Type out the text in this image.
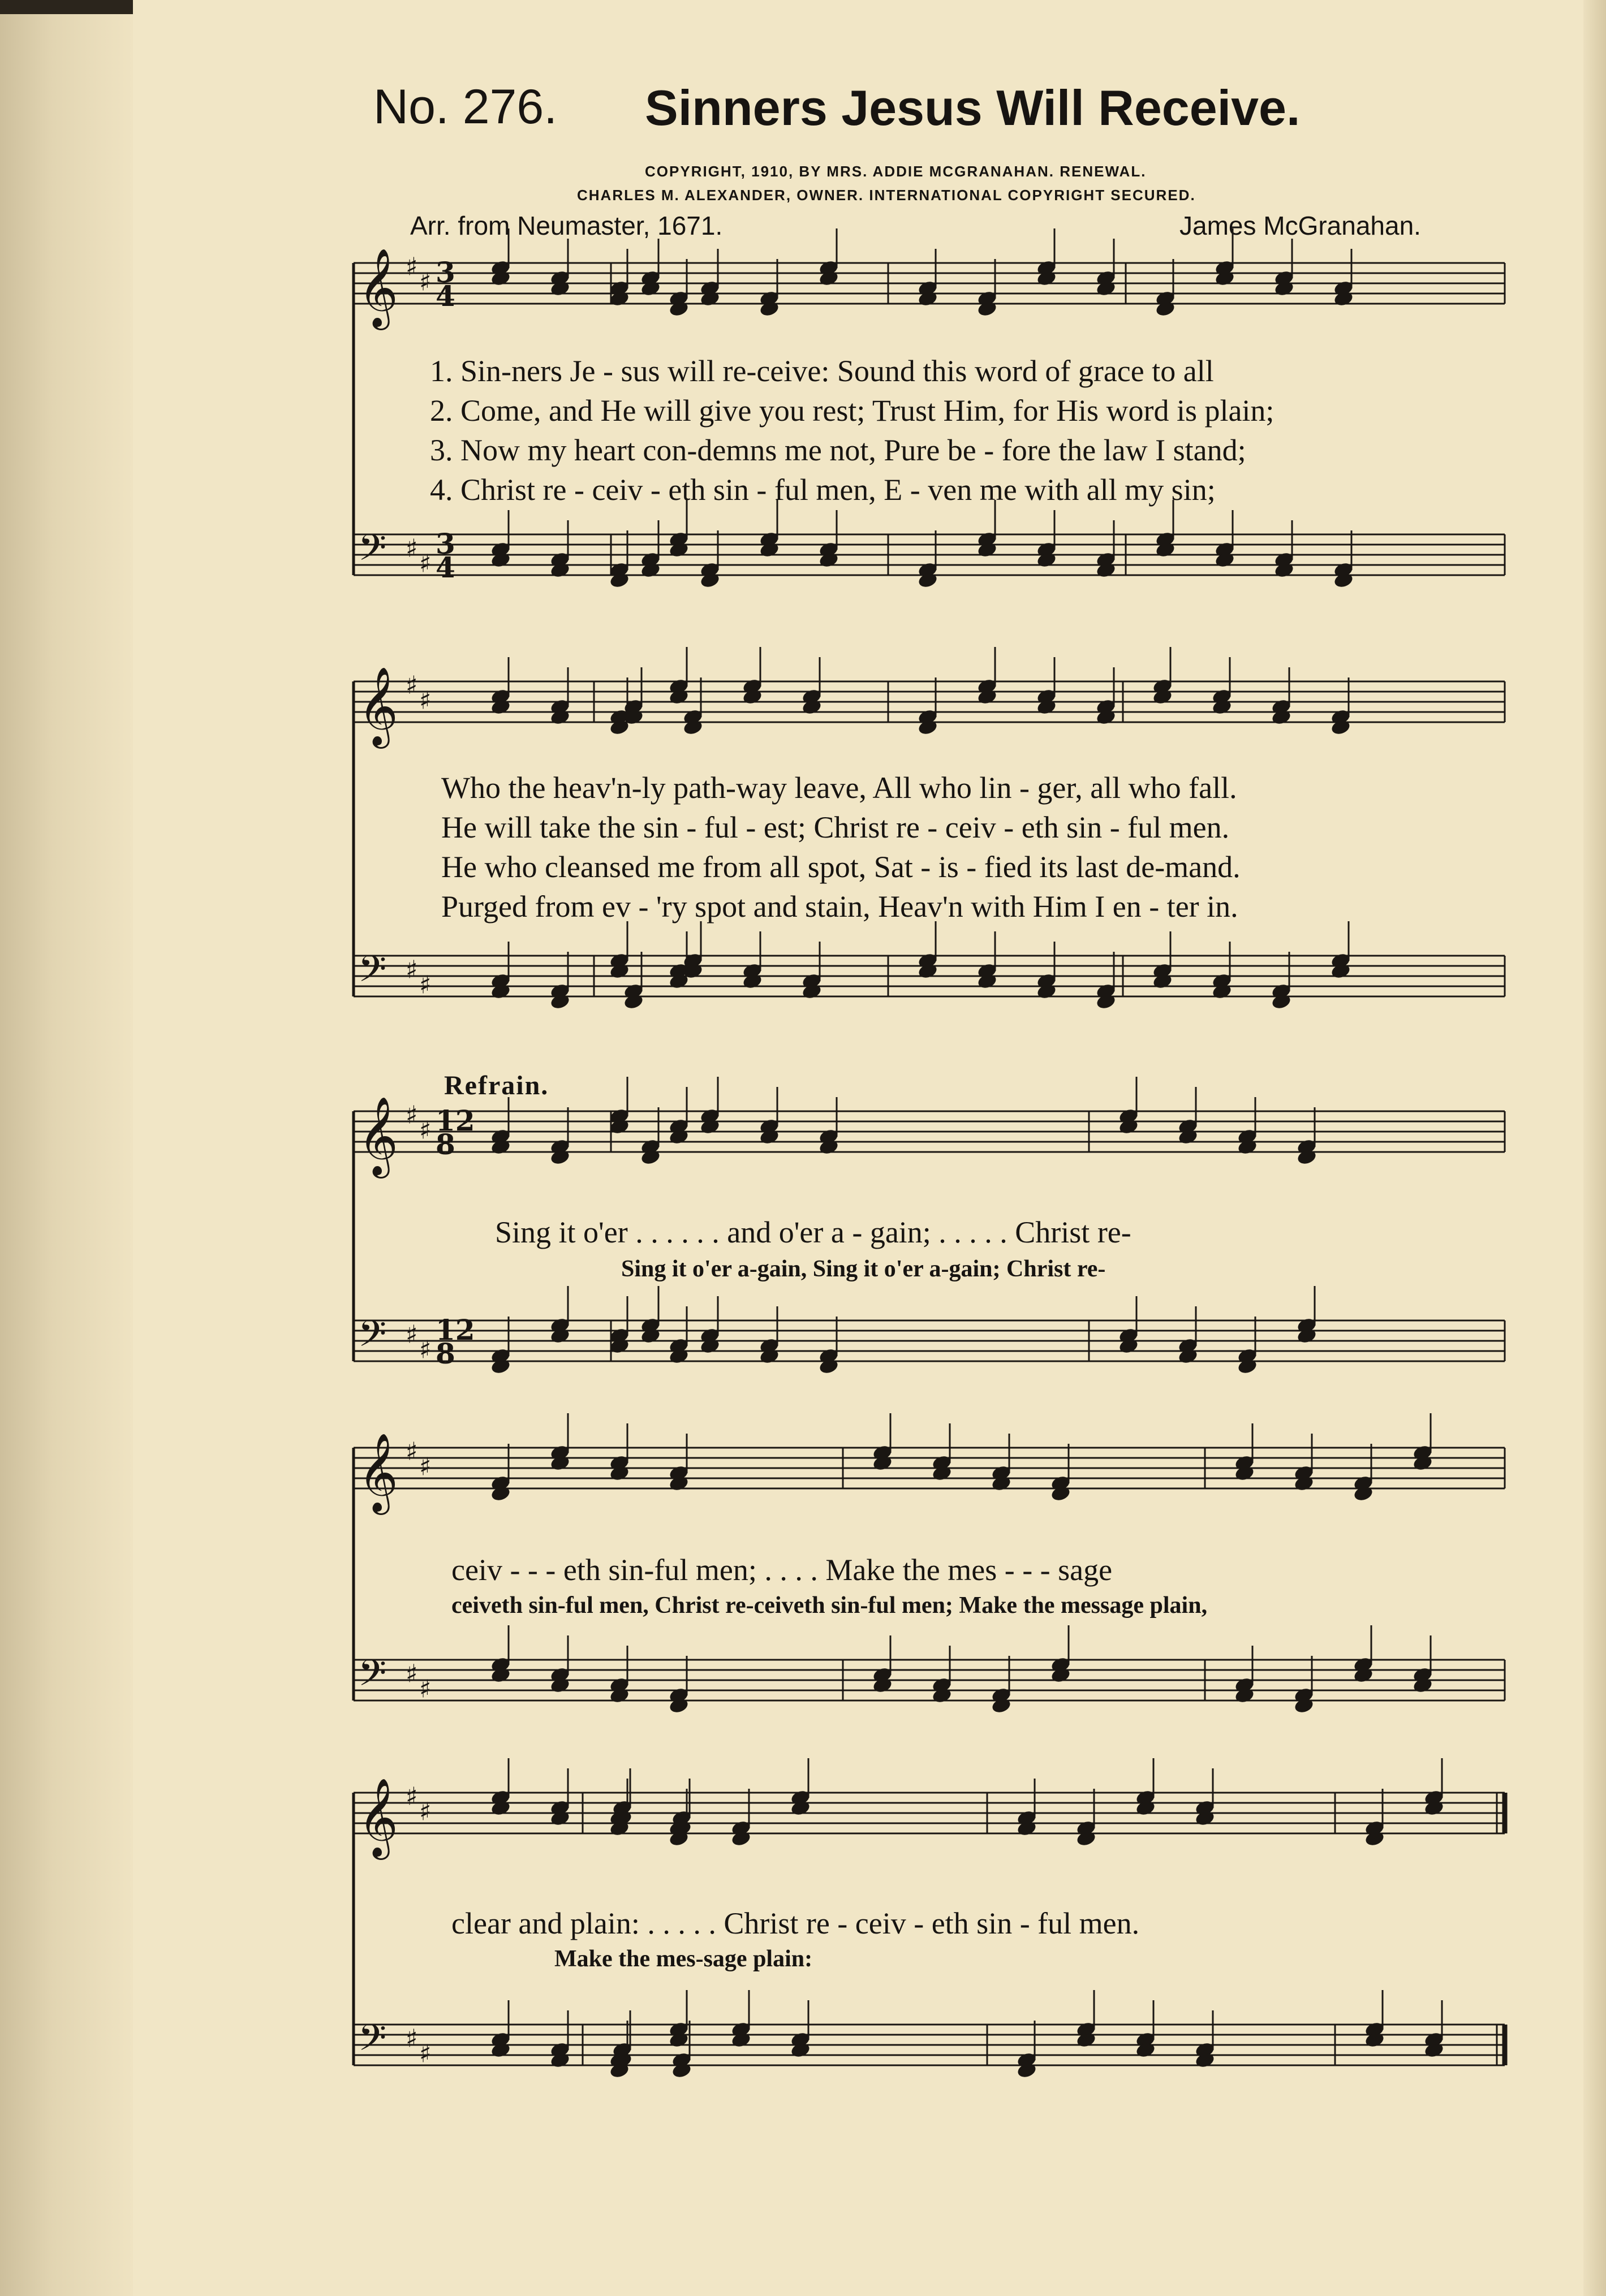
No. 276. Sinners Jesus Will Receive.
COPYRIGHT, 1910, BY MRS. ADDIE MCGRANAHAN. RENEWAL.
CHARLES M. ALEXANDER, OWNER. INTERNATIONAL COPYRIGHT SECURED.
Arr. from Neumaster, 1671.	James McGranahan.
1. Sin-ners Je - sus will re-ceive: Sound this word of grace to all
2. Come, and He will give you rest; Trust Him, for His word is plain;
3. Now my heart con-demns me not, Pure be - fore the law I stand;
4. Christ re - ceiv - eth sin - ful men, E - ven me with all my sin;
Who the heav'n-ly path-way leave, All who lin - ger, all who fall.
He will take the sin - ful - est; Christ re - ceiv - eth sin - ful men.
He who cleansed me from all spot, Sat - is - fied its last de-mand.
Purged from ev - 'ry spot and stain, Heav'n with Him I en - ter in.
Refrain.
Sing it o'er . . . . . . and o'er a - gain; . . . . . Christ re-
Sing it o'er a-gain, Sing it o'er a-gain; Christ re-
ceiv - - - eth sin-ful men; . . . . Make the mes - - - sage
ceiveth sin-ful men, Christ re-ceiveth sin-ful men; Make the message plain,
clear and plain: . . . . . Christ re - ceiv - eth sin - ful men.
Make the mes-sage plain:
𝄞 ♯
♯ 3
4
𝄢 ♯
♯
3
4
𝄞 ♯
♯
𝄢 ♯
♯
𝄞 ♯
♯ 12
8
𝄢 ♯
♯
12
8
𝄞 ♯
♯
𝄢 ♯
♯
𝄞 ♯
♯
𝄢 ♯
♯
